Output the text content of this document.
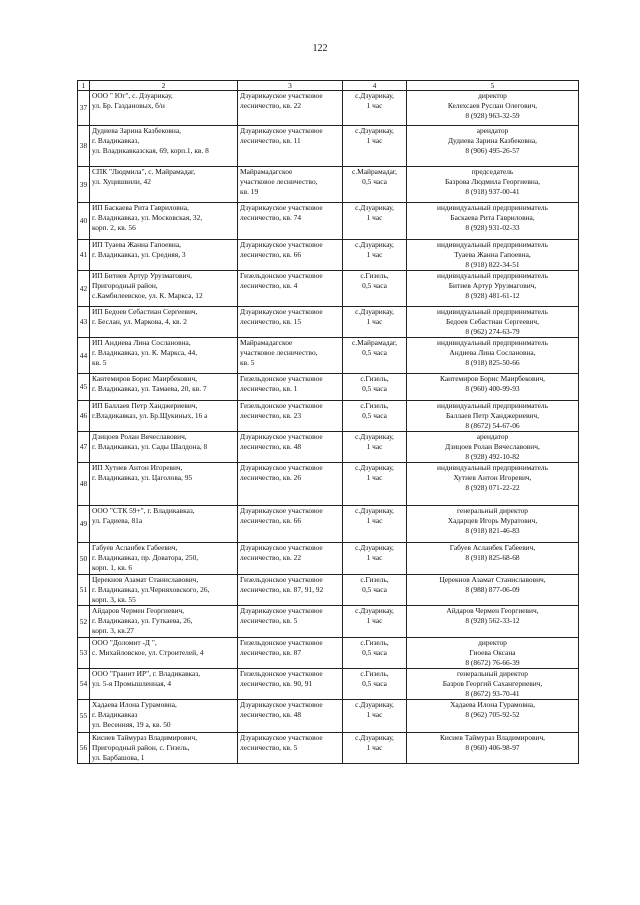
122
1	2	3	4	5
37	ООО " Юг", с. Дзуарикау,
ул. Бр. Газдановых, б/н	Дзуарикауское участковое
лесничество, кв. 22	с.Дзуарикау,
1 час	директор
Келехсаев Руслан Олегович,
8 (928) 963-32-59

38	Дудиева Зарина Казбековна,
г. Владикавказ,
ул. Владикавказская, 69, корп.1, кв. 8	Дзуарикауское участковое
лесничество, кв. 11	с.Дзуарикау,
1 час	арендатор
Дудиева Зарина Казбековна,
8 (906) 495-26-57

39	СПК "Людмила", с. Майрамадаг,
ул. Хуцишвили, 42	Майрамадагское
участковое лесничество,
кв. 19	с.Майрамадаг,
0,5 часа	председатель
Базрова Людмила Георгиевна,
8 (918) 937-00-41

40	ИП Баскаева Рита Гавриловна,
г. Владикавказ, ул. Московская, 32,
корп. 2, кв. 56	Дзуарикауское участковое
лесничество, кв. 74	с.Дзуарикау,
1 час	индивидуальный предприниматель
Баскаева Рита Гавриловна,
8 (928) 931-02-33

41	ИП Туаева Жанна Гапоевна,
г. Владикавказ, ул. Средняя, 3	Дзуарикауское участковое
лесничество, кв. 66	с.Дзуарикау,
1 час	индивидуальный предприниматель
Туаева Жанна Гапоевна,
8 (918) 822-34-51

42	ИП Битиев Артур Урузмагович,
Пригородный район,
с.Камбилеевское, ул. К. Маркса, 12	Гизельдонское участковое
лесничество, кв. 4	с.Гизель,
0,5 часа	индивидуальный предприниматель
Битиев Артур Урузмагович,
8 (928) 481-61-12

43	ИП Бедоев Себастиан Сергеевич,
г. Беслан, ул. Маркова, 4, кв. 2	Дзуарикауское участковое
лесничество, кв. 15	с.Дзуарикау,
1 час	индивидуальный предприниматель
Бедоев Себастиан Сергеевич,
8 (962) 274-63-79

44	ИП Андиева Лина Сослановна,
г. Владикавказ, ул. К. Маркса, 44,
кв. 5	Майрамадагское
участковое лесничество,
кв. 5	с.Майрамадаг,
0,5 часа	индивидуальный предприниматель
Андиева Лина Сослановна,
8 (918) 825-50-66

45	Кантемиров Борис Маирбекович,
г. Владикавказ, ул. Тамаева, 20, кв. 7	Гизельдонское участковое
лесничество, кв. 1	с.Гизель,
0,5 часа	Кантемиров Борис Маирбекович,
8 (960) 400-99-93

46	ИП Баллаев Петр Ханджериевич,
г.Владикавказ, ул. Бр.Щукиных, 16 а	Гизельдонское участковое
лесничество, кв. 23	с.Гизель,
0,5 часа	индивидуальный предприниматель
Баллаев Петр Ханджериевич,
8 (8672) 54-67-06

47	Дзицоев Ролан Вячеславович,
г. Владикавказ, ул. Сады Шалдона, 8	Дзуарикауское участковое
лесничество, кв. 48	с.Дзуарикау,
1 час	арендатор
Дзицоев Ролан Вячеславович,
8 (928) 492-10-82

48	ИП Хутиев Антон Игоревич,
г. Владикавказ, ул. Цаголова, 95	Дзуарикауское участковое
лесничество, кв. 26	с.Дзуарикау,
1 час	индивидуальный предприниматель
Хутиев Антон Игоревич,
8 (928) 071-22-22

49	ООО "СТК 59+", г. Владикавказ,
ул. Гадиева, 81а	Дзуарикауское участковое
лесничество, кв. 66	с.Дзуарикау,
1 час	генеральный директор
Хадарцев Игорь Муратович,
8 (918) 821-46-83

50	Габуев Асланбек Габеевич,
г. Владикавказ, пр. Доватора, 250,
корп. 1, кв. 6	Дзуарикауское участковое
лесничество, кв. 22	с.Дзуарикау,
1 час	Габуев Асланбек Габеевич,
8 (918) 825-68-68

51	Церекнов Азамат Станиславович,
г. Владикавказ, ул.Черняховского, 26,
корп. 3, кв. 55	Гизельдонское участковое
лесничество, кв. 87, 91, 92	с.Гизель,
0,5 часа	Церекнов Азамат Станиславович,
8 (988) 877-06-09

52	Айдаров Чермен Георгиевич,
г. Владикавказ, ул. Гуткаева, 26,
корп. 3, кв.27	Дзуарикауское участковое
лесничество, кв. 5	с.Дзуарикау,
1 час	Айдаров Чермен Георгиевич,
8 (928) 562-33-12

53	ООО "Доломит -Д ",
с. Михайловское, ул. Строителей, 4	Гизельдонское участковое
лесничество, кв. 87	с.Гизель,
0,5 часа	директор
Гиоева Оксана
8 (8672) 76-66-39

54	ООО "Гранит ИР", г. Владикавказ,
ул. 5-я Промышленная, 4	Гизельдонское участковое
лесничество, кв. 90, 91	с.Гизель,
0,5 часа	генеральный директор
Базров Георгий Сахангериевич,
8 (8672) 93-70-41

55	Хадаева Илона Гурамовна,
г. Владикавказ
ул. Весенняя, 19 а, кв. 50	Дзуарикауское участковое
лесничество, кв. 48	с.Дзуарикау,
1 час	Хадаева Илона Гурамовна,
8 (962) 705-92-52

56	Кисиев Таймураз Владимирович,
Пригородный район, с. Гизель,
ул. Барбашова, 1	Дзуарикауское участковое
лесничество, кв. 5	с.Дзуарикау,
1 час	Кисиев Таймураз Владимирович,
8 (960) 406-98-97
